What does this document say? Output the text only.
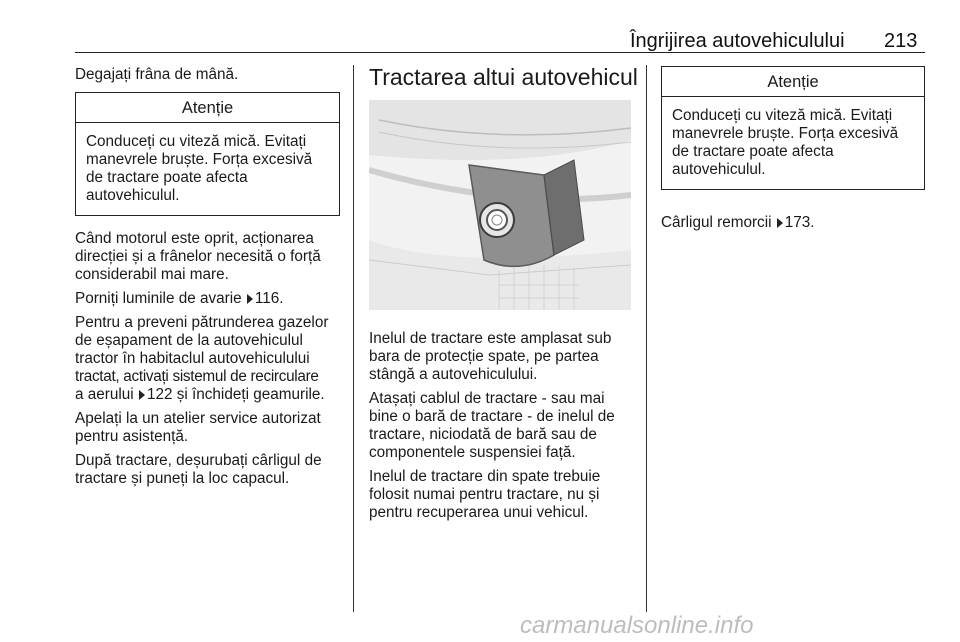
Îngrijirea autovehiculului 213

Degajați frâna de mână.

Atenție
Conduceți cu viteză mică. Evitați
manevrele bruște. Forța excesivă
de tractare poate afecta
autovehiculul.

Când motorul este oprit, acționarea
direcției și a frânelor necesită o forță
considerabil mai mare.

Porniți luminile de avarie 116.

Pentru a preveni pătrunderea gazelor
de eșapament de la autovehiculul
tractor în habitaclul autovehiculului
tractat, activați sistemul de recirculare
a aerului 122 și închideți geamurile.

Apelați la un atelier service autorizat
pentru asistență.

După tractare, deșurubați cârligul de
tractare și puneți la loc capacul.

Tractarea altui autovehicul

Inelul de tractare este amplasat sub
bara de protecție spate, pe partea
stângă a autovehiculului.

Atașați cablul de tractare - sau mai
bine o bară de tractare - de inelul de
tractare, niciodată de bară sau de
componentele suspensiei față.

Inelul de tractare din spate trebuie
folosit numai pentru tractare, nu și
pentru recuperarea unui vehicul.

Atenție
Conduceți cu viteză mică. Evitați
manevrele bruște. Forța excesivă
de tractare poate afecta
autovehiculul.

Cârligul remorcii 173.

carmanualsonline.info
